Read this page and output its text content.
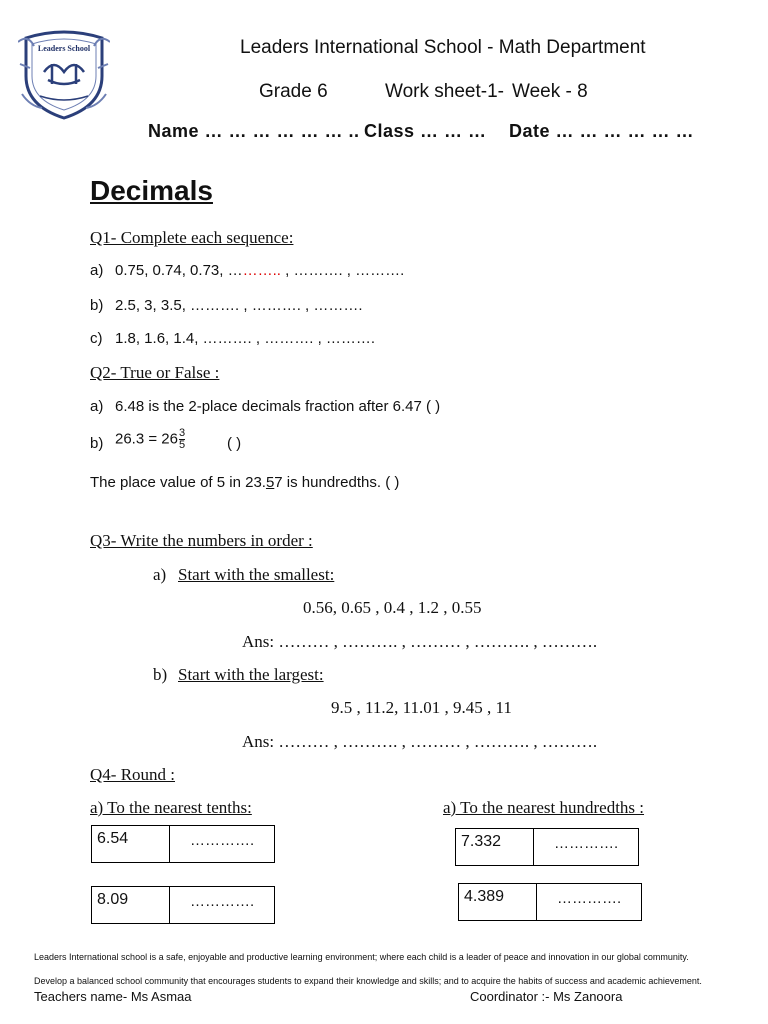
Leaders School	Leaders International School - Math Department
Grade 6	Work sheet-1- Week - 8
Name … … … … … … .. Class … … … Date … … … … … …
Decimals
Q1- Complete each sequence:
a) 0.75, 0.74, 0.73, ……….. , ………. , ……….
b) 2.5, 3, 3.5, ………. , ………. , ……….
c) 1.8, 1.6, 1.4, ………. , ………. , ……….
Q2- True or False :
a) 6.48 is the 2-place decimals fraction after 6.47 ( )
b) $26.3 = 26 \frac{3}{5}$	( )
The place value of 5 in 23.57 is hundredths. ( )
Q3- Write the numbers in order :
a) Start with the smallest:
0.56, 0.65 , 0.4 , 1.2 , 0.55
Ans: ……… , ………. , ……… , ………. , ……….
b) Start with the largest:
9.5 , 11.2, 11.01 , 9.45 , 11
Ans: ……… , ………. , ……… , ………. , ……….
Q4- Round :
a) To the nearest tenths:	a) To the nearest hundredths :
6.54	………….
8.09	………….
7.332	………….
4.389	………….
Leaders International school is a safe, enjoyable and productive learning environment; where each child is a leader of peace and innovation in our global community.
Develop a balanced school community that encourages students to expand their knowledge and skills; and to acquire the habits of success and academic achievement.
Teachers name- Ms Asmaa	Coordinator :- Ms Zanoora
